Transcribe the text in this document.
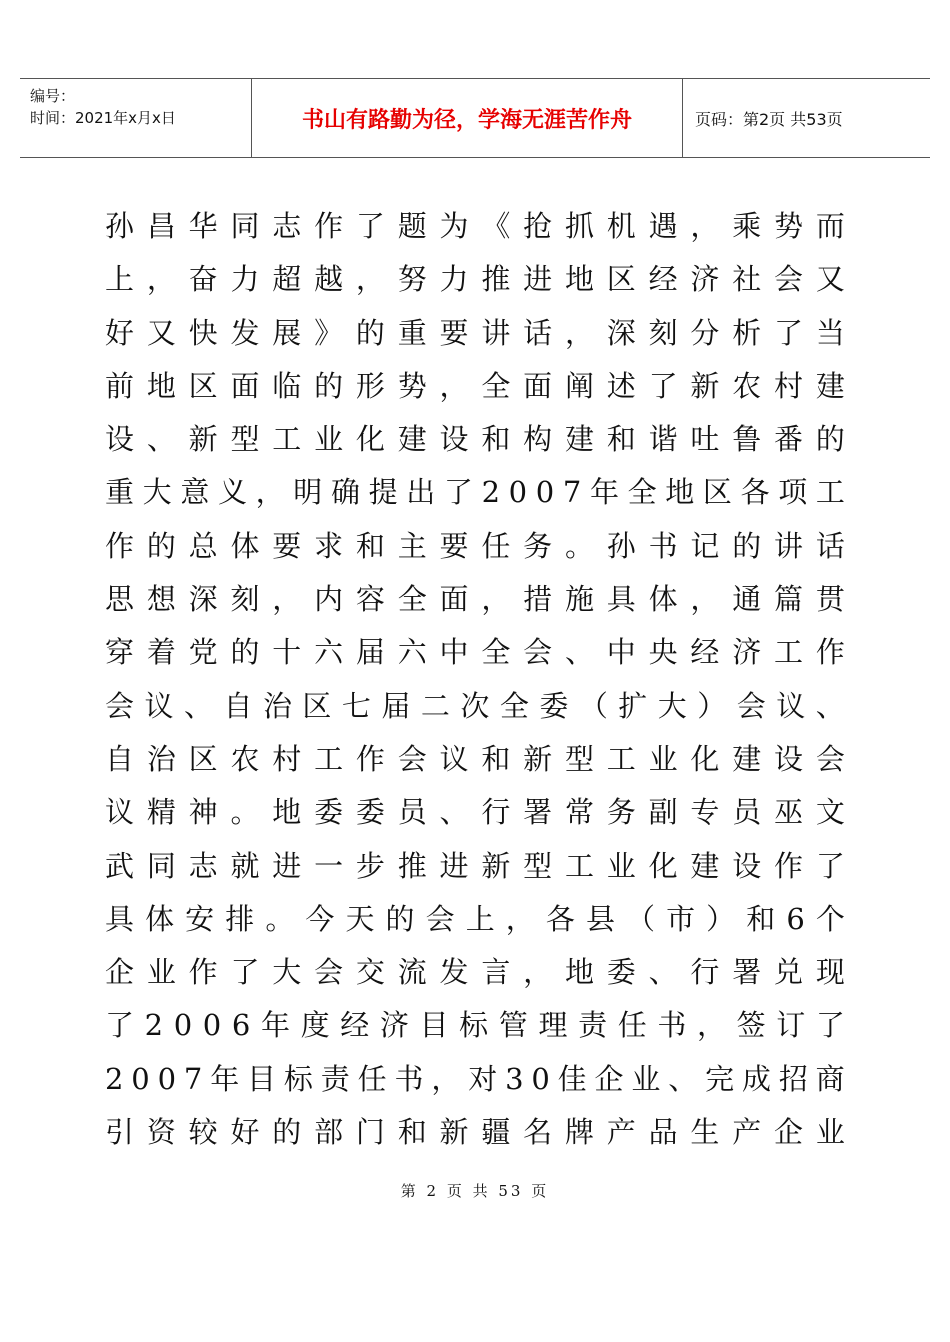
编号：
时间：2021年x月x日	书山有路勤为径，学海无涯苦作舟	页码：第2页 共53页
孙 昌 华 同 志 作 了 题 为 《 抢 抓 机 遇 ， 乘 势 而
上 ， 奋 力 超 越 ， 努 力 推 进 地 区 经 济 社 会 又
好 又 快 发 展 》 的 重 要 讲 话 ， 深 刻 分 析 了 当
前 地 区 面 临 的 形 势 ， 全 面 阐 述 了 新 农 村 建
设 、 新 型 工 业 化 建 设 和 构 建 和 谐 吐 鲁 番 的
重 大 意 义 ， 明 确 提 出 了 2 0 0 7 年 全 地 区 各 项 工
作 的 总 体 要 求 和 主 要 任 务 。 孙 书 记 的 讲 话
思 想 深 刻 ， 内 容 全 面 ， 措 施 具 体 ， 通 篇 贯
穿 着 党 的 十 六 届 六 中 全 会 、 中 央 经 济 工 作
会 议 、 自 治 区 七 届 二 次 全 委 （ 扩 大 ） 会 议 、
自 治 区 农 村 工 作 会 议 和 新 型 工 业 化 建 设 会
议 精 神 。 地 委 委 员 、 行 署 常 务 副 专 员 巫 文
武 同 志 就 进 一 步 推 进 新 型 工 业 化 建 设 作 了
具 体 安 排 。 今 天 的 会 上 ， 各 县 （ 市 ） 和 6 个
企 业 作 了 大 会 交 流 发 言 ， 地 委 、 行 署 兑 现
了 2 0 0 6 年 度 经 济 目 标 管 理 责 任 书 ， 签 订 了
2 0 0 7 年 目 标 责 任 书 ， 对 3 0 佳 企 业 、 完 成 招 商
引 资 较 好 的 部 门 和 新 疆 名 牌 产 品 生 产 企 业
第 2 页 共 53 页
